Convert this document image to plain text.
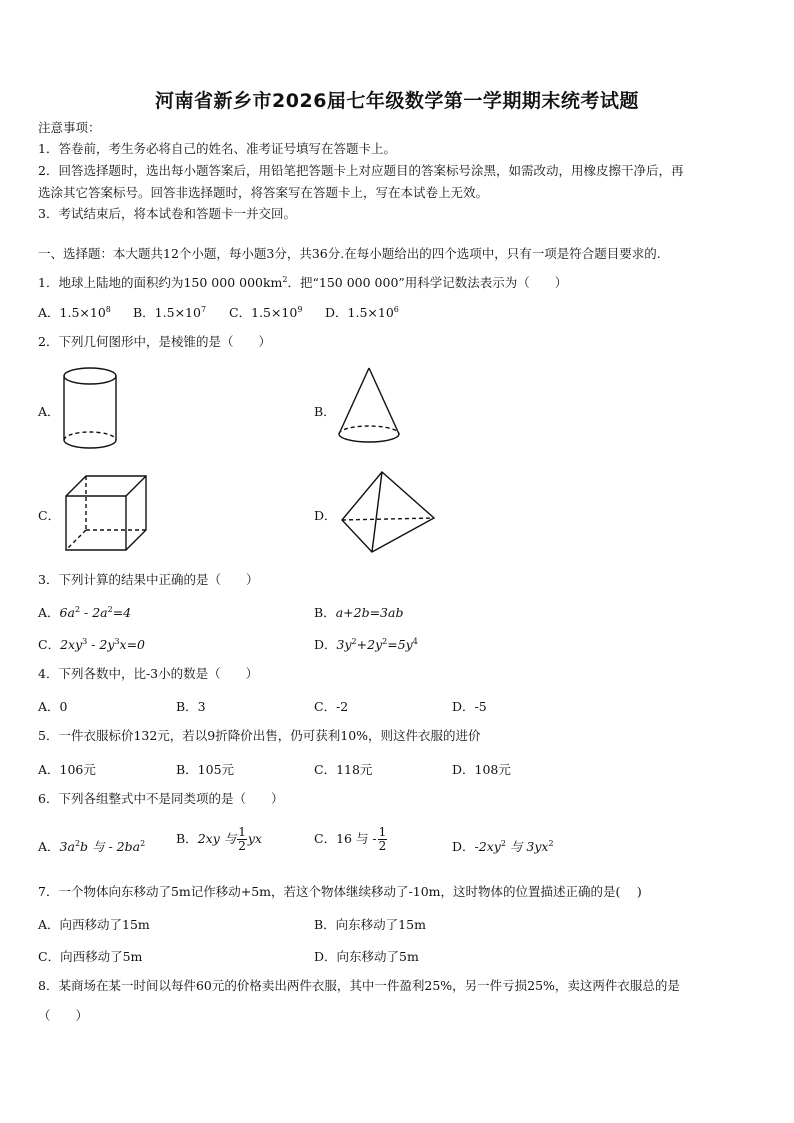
河南省新乡市2026届七年级数学第一学期期末统考试题
注意事项：
1．答卷前，考生务必将自己的姓名、准考证号填写在答题卡上。
2．回答选择题时，选出每小题答案后，用铅笔把答题卡上对应题目的答案标号涂黑，如需改动，用橡皮擦干净后，再
选涂其它答案标号。回答非选择题时，将答案写在答题卡上，写在本试卷上无效。
3．考试结束后，将本试卷和答题卡一并交回。
一、选择题：本大题共12个小题，每小题3分，共36分.在每小题给出的四个选项中，只有一项是符合题目要求的.
1．地球上陆地的面积约为150 000 $000km^2$．把“150 000 000”用科学记数法表示为（　　）
A．$1.5\times 10^8$ B．$1.5\times 10^7$ C．$1.5\times 10^9$ D．$1.5\times 10^6$
2．下列几何图形中，是棱锥的是（　　）
A．	B．
C．	D．
3．下列计算的结果中正确的是（　　）
A．$6a^2 - 2a^2=4$	B．a+2b=3ab
C．$2xy^3 - 2y^3x=0$	D．$3y^2+2y^2=5y^4$
4．下列各数中，比-3小的数是（　　）
A．0	B．3	C．-2	D．-5
5．一件衣服标价132元，若以9折降价出售，仍可获利10%，则这件衣服的进价
A．106元	B．105元	C．118元	D．108元
6．下列各组整式中不是同类项的是（　　）
A．$3a^2b$ 与 - $2ba^2$ B．2xy 与 $\frac{1}{2}$ yx	C．16 与 - $\frac{1}{2}$	D．$-2xy^2$ 与 $3yx^2$
7．一个物体向东移动了5m记作移动+5m，若这个物体继续移动了-10m，这时物体的位置描述正确的是(　 )
A．向西移动了15m	B．向东移动了15m
C．向西移动了5m	D．向东移动了5m
8．某商场在某一时间以每件60元的价格卖出两件衣服，其中一件盈利25%，另一件亏损25%，卖这两件衣服总的是
（　　）
